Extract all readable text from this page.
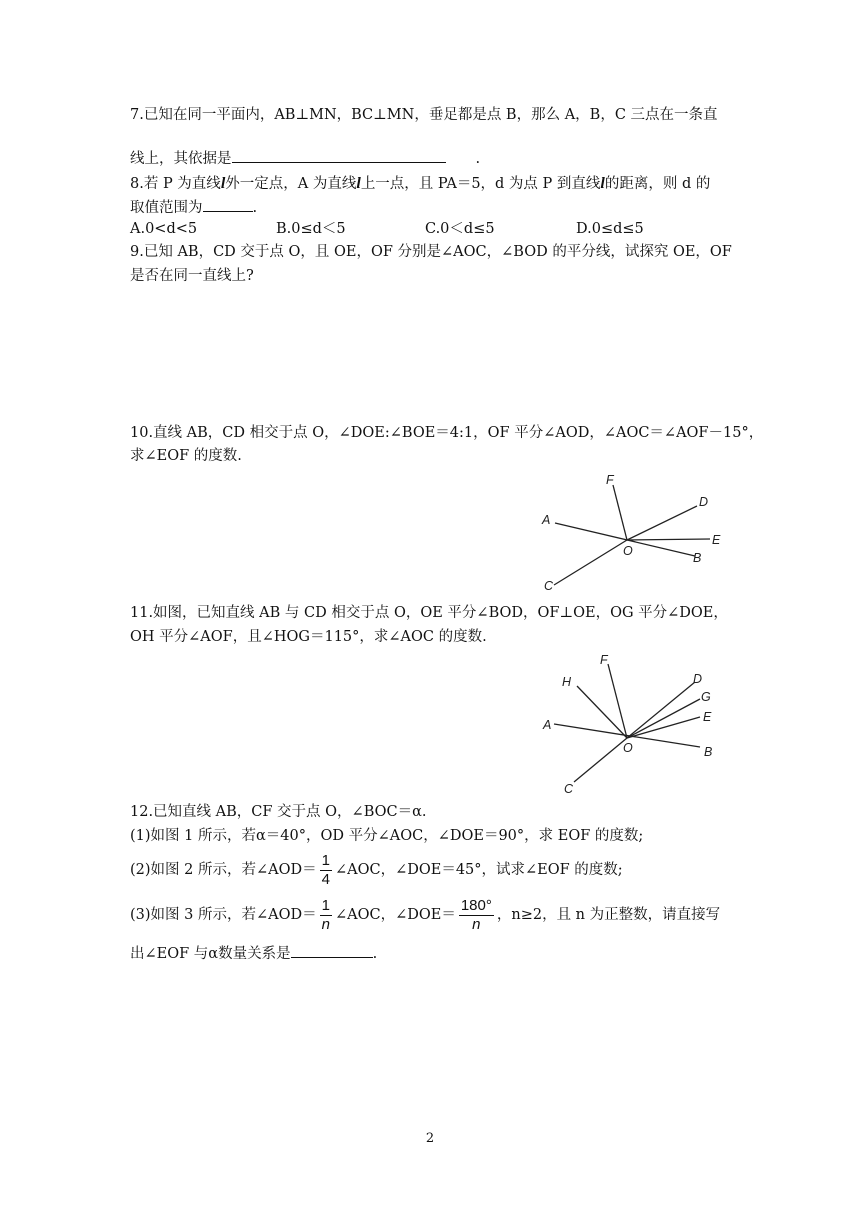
7.已知在同一平面内，AB⊥MN，BC⊥MN，垂足都是点 B，那么 A，B，C 三点在一条直
线上，其依据是	.
8.若 P 为直线l外一定点，A 为直线l上一点，且 PA＝5，d 为点 P 到直线l的距离，则 d 的
取值范围为	.
A.0<d<5	B.0≤d＜5	C.0＜d≤5	D.0≤d≤5
9.已知 AB，CD 交于点 O，且 OE，OF 分别是∠AOC，∠BOD 的平分线，试探究 OE，OF
是否在同一直线上?
10.直线 AB，CD 相交于点 O，∠DOE:∠BOE＝4:1，OF 平分∠AOD，∠AOC＝∠AOF－15°，
求∠EOF 的度数.
F
D
A
E
O	B
C
11.如图，已知直线 AB 与 CD 相交于点 O，OE 平分∠BOD，OF⊥OE，OG 平分∠DOE，
OH 平分∠AOF，且∠HOG＝115°，求∠AOC 的度数.
F
H	D
G
E
A
O	B
C
12.已知直线 AB，CF 交于点 O，∠BOC＝α.
(1)如图 1 所示，若α＝40°，OD 平分∠AOC，∠DOE＝90°，求 EOF 的度数;
(2)如图 2 所示，若∠AOD＝ $\frac{1}{4}$ ∠AOC，∠DOE＝45°，试求∠EOF 的度数;
(3)如图 3 所示，若∠AOD＝ $\frac{1}{n}$ ∠AOC，∠DOE＝ $\frac{180^\circ}{n}$ ，n≥2，且 n 为正整数，请直接写
出∠EOF 与α数量关系是	.
2
